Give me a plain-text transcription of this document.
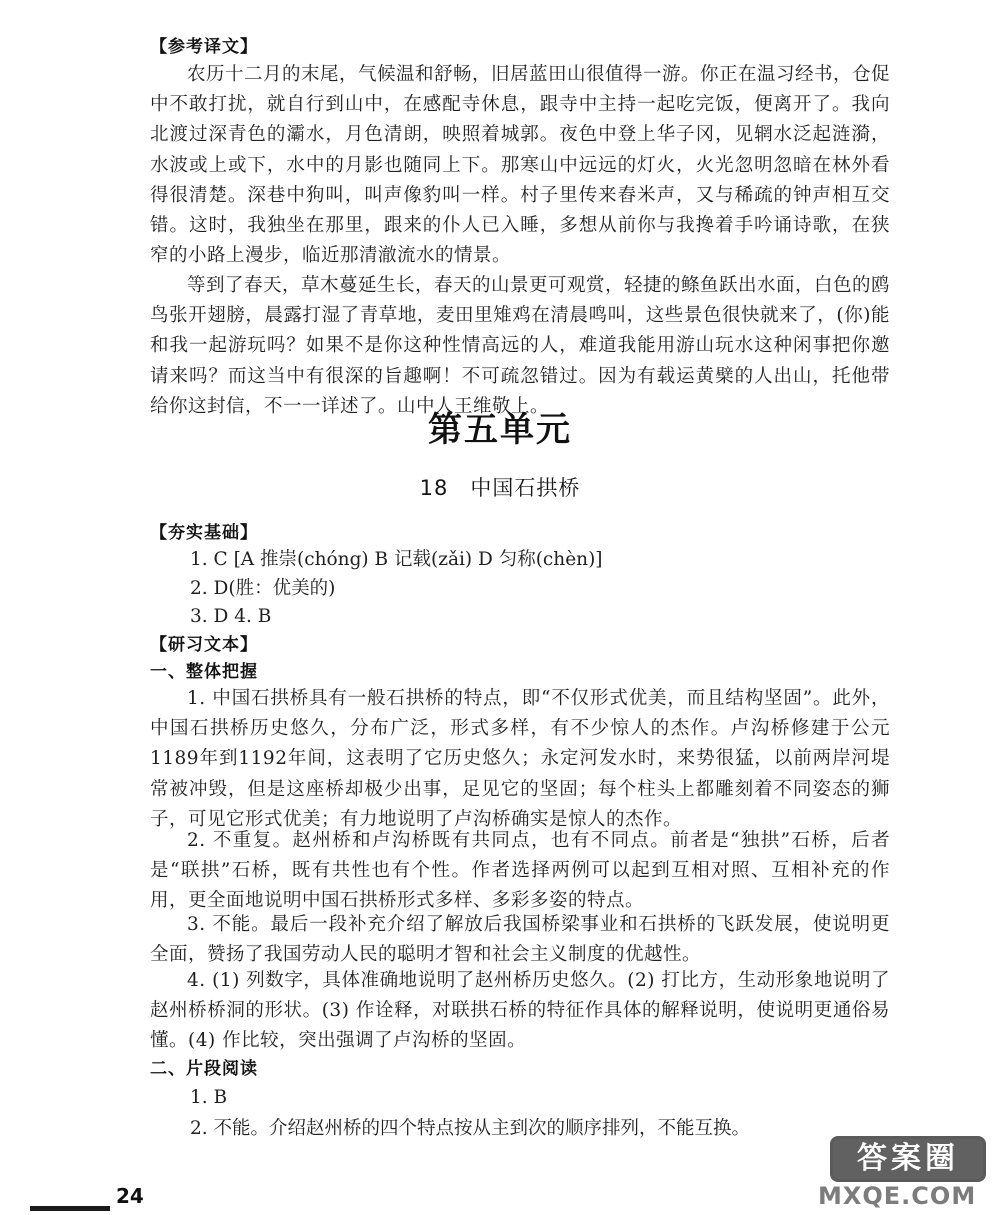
【参考译文】

农历十二月的末尾，气候温和舒畅，旧居蓝田山很值得一游。你正在温习经书，仓促中不敢打扰，就自行到山中，在感配寺休息，跟寺中主持一起吃完饭，便离开了。我向北渡过深青色的灞水，月色清朗，映照着城郭。夜色中登上华子冈，见辋水泛起涟漪，水波或上或下，水中的月影也随同上下。那寒山中远远的灯火，火光忽明忽暗在林外看得很清楚。深巷中狗叫，叫声像豹叫一样。村子里传来舂米声，又与稀疏的钟声相互交错。这时，我独坐在那里，跟来的仆人已入睡，多想从前你与我搀着手吟诵诗歌，在狭窄的小路上漫步，临近那清澈流水的情景。

等到了春天，草木蔓延生长，春天的山景更可观赏，轻捷的鲦鱼跃出水面，白色的鸥鸟张开翅膀，晨露打湿了青草地，麦田里雉鸡在清晨鸣叫，这些景色很快就来了，(你)能和我一起游玩吗？如果不是你这种性情高远的人，难道我能用游山玩水这种闲事把你邀请来吗？而这当中有很深的旨趣啊！不可疏忽错过。因为有载运黄檗的人出山，托他带给你这封信，不一一详述了。山中人王维敬上。

第五单元
18 中国石拱桥
【夯实基础】
1. C [A 推崇(chóng) B 记载(zǎi) D 匀称(chèn)]
2. D(胜：优美的)
3. D 4. B
【研习文本】
一、整体把握

1. 中国石拱桥具有一般石拱桥的特点，即“不仅形式优美，而且结构坚固”。此外，中国石拱桥历史悠久，分布广泛，形式多样，有不少惊人的杰作。卢沟桥修建于公元1189年到1192年间，这表明了它历史悠久；永定河发水时，来势很猛，以前两岸河堤常被冲毁，但是这座桥却极少出事，足见它的坚固；每个柱头上都雕刻着不同姿态的狮子，可见它形式优美；有力地说明了卢沟桥确实是惊人的杰作。

2. 不重复。赵州桥和卢沟桥既有共同点，也有不同点。前者是“独拱”石桥，后者是“联拱”石桥，既有共性也有个性。作者选择两例可以起到互相对照、互相补充的作用，更全面地说明中国石拱桥形式多样、多彩多姿的特点。

3. 不能。最后一段补充介绍了解放后我国桥梁事业和石拱桥的飞跃发展，使说明更全面，赞扬了我国劳动人民的聪明才智和社会主义制度的优越性。

4. (1) 列数字，具体准确地说明了赵州桥历史悠久。(2) 打比方，生动形象地说明了赵州桥桥洞的形状。(3) 作诠释，对联拱石桥的特征作具体的解释说明，使说明更通俗易懂。(4) 作比较，突出强调了卢沟桥的坚固。

二、片段阅读
1. B
2. 不能。介绍赵州桥的四个特点按从主到次的顺序排列，不能互换。
24
答案圈
MXQE.COM
